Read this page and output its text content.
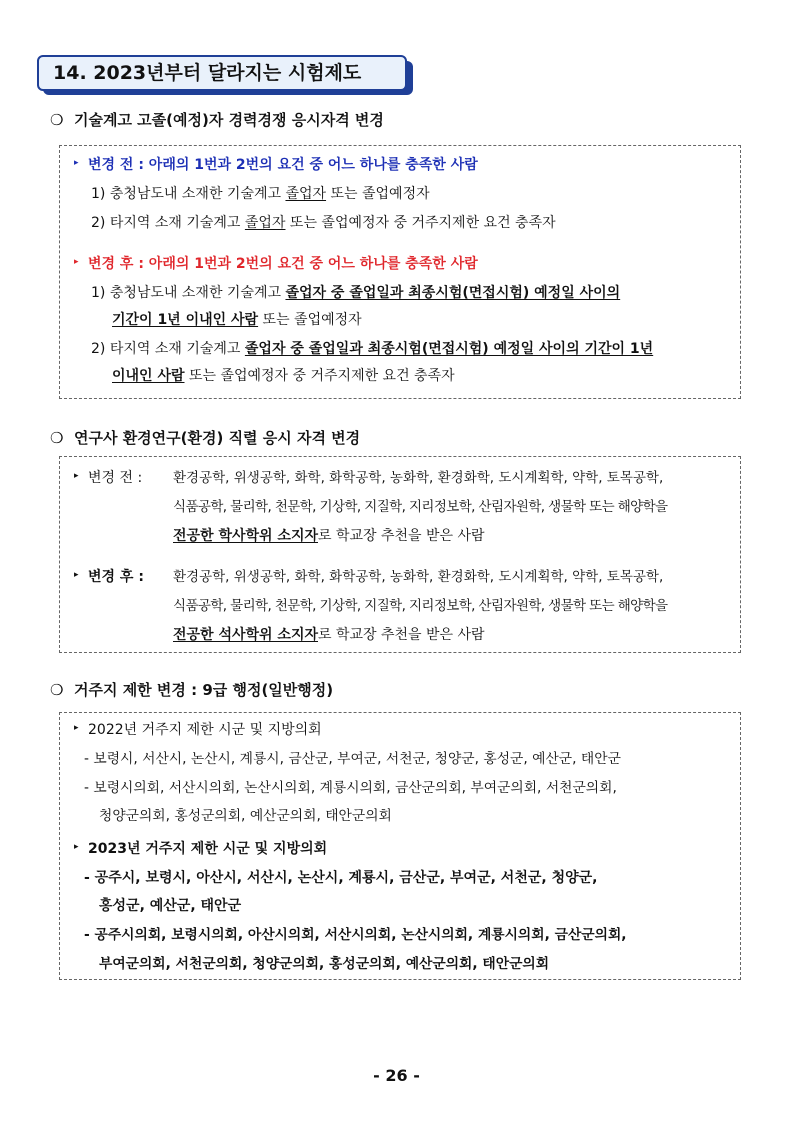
14. 2023년부터 달라지는 시험제도
❍ 기술계고 고졸(예정)자 경력경쟁 응시자격 변경
▸ 변경 전 : 아래의 1번과 2번의 요건 중 어느 하나를 충족한 사람
1) 충청남도내 소재한 기술계고 졸업자 또는 졸업예정자
2) 타지역 소재 기술계고 졸업자 또는 졸업예정자 중 거주지제한 요건 충족자
▸ 변경 후 : 아래의 1번과 2번의 요건 중 어느 하나를 충족한 사람
1) 충청남도내 소재한 기술계고 졸업자 중 졸업일과 최종시험(면접시험) 예정일 사이의
기간이 1년 이내인 사람 또는 졸업예정자
2) 타지역 소재 기술계고 졸업자 중 졸업일과 최종시험(면접시험) 예정일 사이의 기간이 1년
이내인 사람 또는 졸업예정자 중 거주지제한 요건 충족자
❍ 연구사 환경연구(환경) 직렬 응시 자격 변경
▸ 변경 전 : 환경공학, 위생공학, 화학, 화학공학, 농화학, 환경화학, 도시계획학, 약학, 토목공학,
식품공학, 물리학, 천문학, 기상학, 지질학, 지리정보학, 산림자원학, 생물학 또는 해양학을
전공한 학사학위 소지자로 학교장 추천을 받은 사람
▸ 변경 후 : 환경공학, 위생공학, 화학, 화학공학, 농화학, 환경화학, 도시계획학, 약학, 토목공학,
식품공학, 물리학, 천문학, 기상학, 지질학, 지리정보학, 산림자원학, 생물학 또는 해양학을
전공한 석사학위 소지자로 학교장 추천을 받은 사람
❍ 거주지 제한 변경 : 9급 행정(일반행정)
▸ 2022년 거주지 제한 시군 및 지방의회
- 보령시, 서산시, 논산시, 계룡시, 금산군, 부여군, 서천군, 청양군, 홍성군, 예산군, 태안군
- 보령시의회, 서산시의회, 논산시의회, 계룡시의회, 금산군의회, 부여군의회, 서천군의회,
청양군의회, 홍성군의회, 예산군의회, 태안군의회
▸ 2023년 거주지 제한 시군 및 지방의회
- 공주시, 보령시, 아산시, 서산시, 논산시, 계룡시, 금산군, 부여군, 서천군, 청양군,
홍성군, 예산군, 태안군
- 공주시의회, 보령시의회, 아산시의회, 서산시의회, 논산시의회, 계룡시의회, 금산군의회,
부여군의회, 서천군의회, 청양군의회, 홍성군의회, 예산군의회, 태안군의회
- 26 -
